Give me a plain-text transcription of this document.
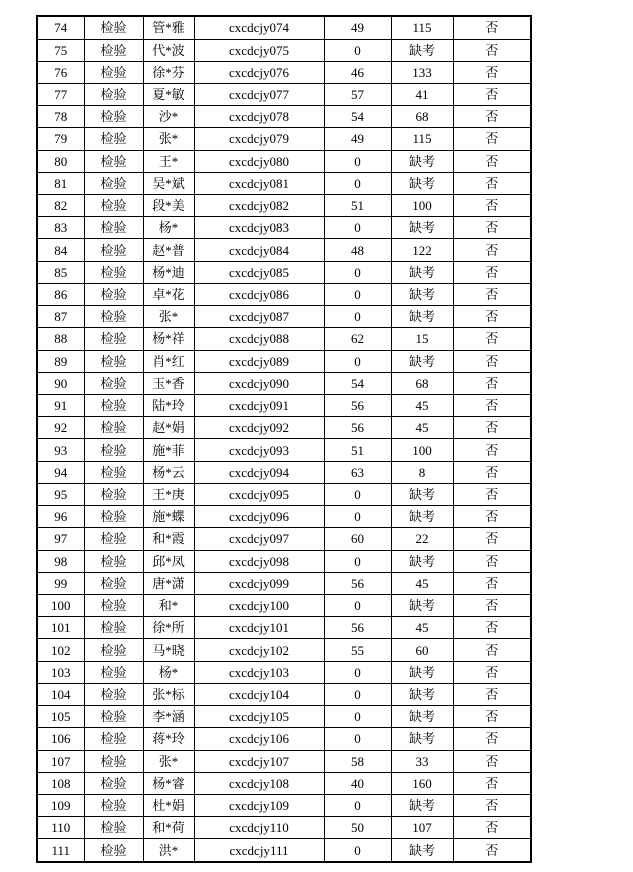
74	检验	管*雅	cxcdcjy074	49	115	否
75	检验	代*波	cxcdcjy075	0	缺考	否
76	检验	徐*芬	cxcdcjy076	46	133	否
77	检验	夏*敏	cxcdcjy077	57	41	否
78	检验	沙*	cxcdcjy078	54	68	否
79	检验	张*	cxcdcjy079	49	115	否
80	检验	王*	cxcdcjy080	0	缺考	否
81	检验	吴*斌	cxcdcjy081	0	缺考	否
82	检验	段*美	cxcdcjy082	51	100	否
83	检验	杨*	cxcdcjy083	0	缺考	否
84	检验	赵*普	cxcdcjy084	48	122	否
85	检验	杨*迪	cxcdcjy085	0	缺考	否
86	检验	卓*花	cxcdcjy086	0	缺考	否
87	检验	张*	cxcdcjy087	0	缺考	否
88	检验	杨*祥	cxcdcjy088	62	15	否
89	检验	肖*红	cxcdcjy089	0	缺考	否
90	检验	玉*香	cxcdcjy090	54	68	否
91	检验	陆*玲	cxcdcjy091	56	45	否
92	检验	赵*娟	cxcdcjy092	56	45	否
93	检验	施*菲	cxcdcjy093	51	100	否
94	检验	杨*云	cxcdcjy094	63	8	否
95	检验	王*庚	cxcdcjy095	0	缺考	否
96	检验	施*蝶	cxcdcjy096	0	缺考	否
97	检验	和*霞	cxcdcjy097	60	22	否
98	检验	邱*凤	cxcdcjy098	0	缺考	否
99	检验	唐*潇	cxcdcjy099	56	45	否
100	检验	和*	cxcdcjy100	0	缺考	否
101	检验	徐*所	cxcdcjy101	56	45	否
102	检验	马*晓	cxcdcjy102	55	60	否
103	检验	杨*	cxcdcjy103	0	缺考	否
104	检验	张*标	cxcdcjy104	0	缺考	否
105	检验	李*涵	cxcdcjy105	0	缺考	否
106	检验	蒋*玲	cxcdcjy106	0	缺考	否
107	检验	张*	cxcdcjy107	58	33	否
108	检验	杨*睿	cxcdcjy108	40	160	否
109	检验	杜*娟	cxcdcjy109	0	缺考	否
110	检验	和*荷	cxcdcjy110	50	107	否
111	检验	洪*	cxcdcjy111	0	缺考	否
